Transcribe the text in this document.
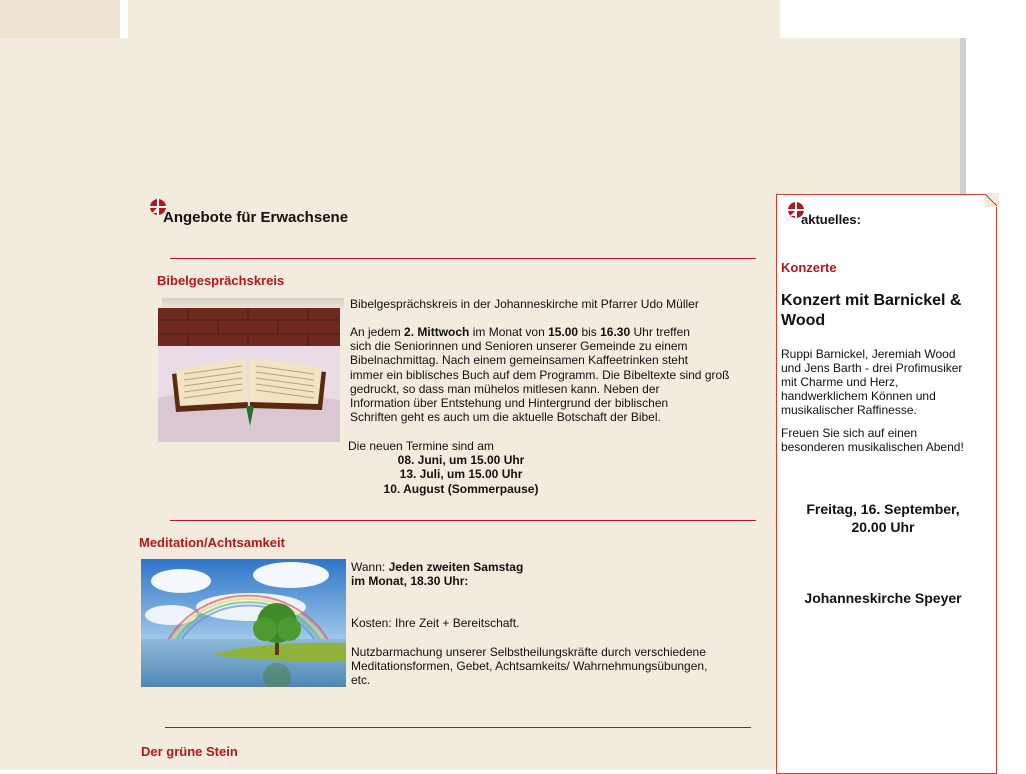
Angebote für Erwachsene
Bibelgesprächskreis
Bibelgesprächskreis in der Johanneskirche mit Pfarrer Udo Müller
An jedem 2. Mittwoch im Monat von 15.00 bis 16.30 Uhr treffen
sich die Seniorinnen und Senioren unserer Gemeinde zu einem
Bibelnachmittag. Nach einem gemeinsamen Kaffeetrinken steht
immer ein biblisches Buch auf dem Programm. Die Bibeltexte sind groß
gedruckt, so dass man mühelos mitlesen kann. Neben der
Information über Entstehung und Hintergrund der biblischen
Schriften geht es auch um die aktuelle Botschaft der Bibel.
Die neuen Termine sind am
08. Juni, um 15.00 Uhr
13. Juli, um 15.00 Uhr
10. August (Sommerpause)
Meditation/Achtsamkeit
Wann: Jeden zweiten Samstag
im Monat, 18.30 Uhr:
Kosten: Ihre Zeit + Bereitschaft.
Nutzbarmachung unserer Selbstheilungskräfte durch verschiedene
Meditationsformen, Gebet, Achtsamkeits/ Wahrnehmungsübungen,
etc.
Der grüne Stein
aktuelles:
Konzerte
Konzert mit Barnickel & Wood
Ruppi Barnickel, Jeremiah Wood
und Jens Barth - drei Profimusiker
mit Charme und Herz,
handwerklichem Können und
musikalischer Raffinesse.
Freuen Sie sich auf einen
besonderen musikalischen Abend!
Freitag, 16. September,
20.00 Uhr
Johanneskirche Speyer
